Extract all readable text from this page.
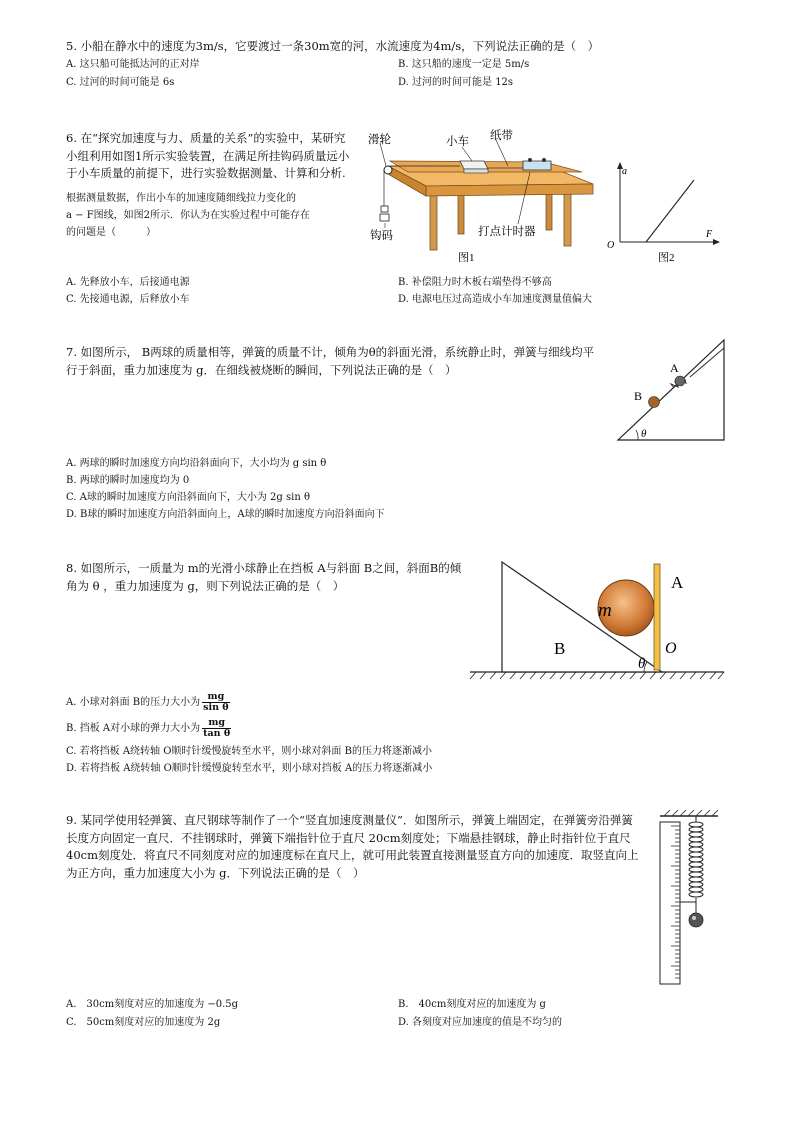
5. 小船在静水中的速度为3m/s，它要渡过一条30m宽的河，水流速度为4m/s，下列说法正确的是（　）
A. 这只船可能抵达河的正对岸	B. 这只船的速度一定是 5m/s
C. 过河的时间可能是 6s	D. 过河的时间可能是 12s
6. 在“探究加速度与力、质量的关系”的实验中，某研究
小组利用如图1所示实验装置，在满足所挂钩码质量远小
于小车质量的前提下，进行实验数据测量、计算和分析.
根据测量数据，作出小车的加速度随细线拉力变化的
a − F图线，如图2所示．你认为在实验过程中可能存在
的问题是（　　　）
滑轮	小车 纸带
钩码	打点计时器
图1
a
F
O
图2
A. 先释放小车，后接通电源	B. 补偿阻力时木板右端垫得不够高
C. 先接通电源，后释放小车	D. 电源电压过高造成小车加速度测量值偏大
7. 如图所示， B两球的质量相等，弹簧的质量不计，倾角为θ的斜面光滑，系统静止时，弹簧与细线均平
行于斜面，重力加速度为 g．在细线被烧断的瞬间，下列说法正确的是（　）	A
B
θ
A. 两球的瞬时加速度方向均沿斜面向下，大小均为 g sin θ
B. 两球的瞬时加速度均为 0
C. A球的瞬时加速度方向沿斜面向下，大小为 2g sin θ
D. B球的瞬时加速度方向沿斜面向上，A球的瞬时加速度方向沿斜面向下
8. 如图所示，一质量为 m的光滑小球静止在挡板 A与斜面 B之间，斜面B的倾
角为 θ ，重力加速度为 g，则下列说法正确的是（　）	A
B
m
O
θ
A. 小球对斜面 B的压力大小为 $\frac{mg}{\text{sin θ}}$
B. 挡板 A对小球的弹力大小为 $\frac{mg}{\text{tan θ}}$
C. 若将挡板 A绕转轴 O顺时针缓慢旋转至水平，则小球对斜面 B的压力将逐渐减小
D. 若将挡板 A绕转轴 O顺时针缓慢旋转至水平，则小球对挡板 A的压力将逐渐减小
9. 某同学使用轻弹簧、直尺钢球等制作了一个“竖直加速度测量仪”．如图所示，弹簧上端固定，在弹簧旁沿弹簧
长度方向固定一直尺．不挂钢球时，弹簧下端指针位于直尺 20cm刻度处；下端悬挂钢球，静止时指针位于直尺
40cm刻度处．将直尺不同刻度对应的加速度标在直尺上，就可用此装置直接测量竖直方向的加速度．取竖直向上
为正方向，重力加速度大小为 g．下列说法正确的是（　）
A.　30cm刻度对应的加速度为 −0.5g	B.　40cm刻度对应的加速度为 g
C.　50cm刻度对应的加速度为 2g	D. 各刻度对应加速度的值是不均匀的
